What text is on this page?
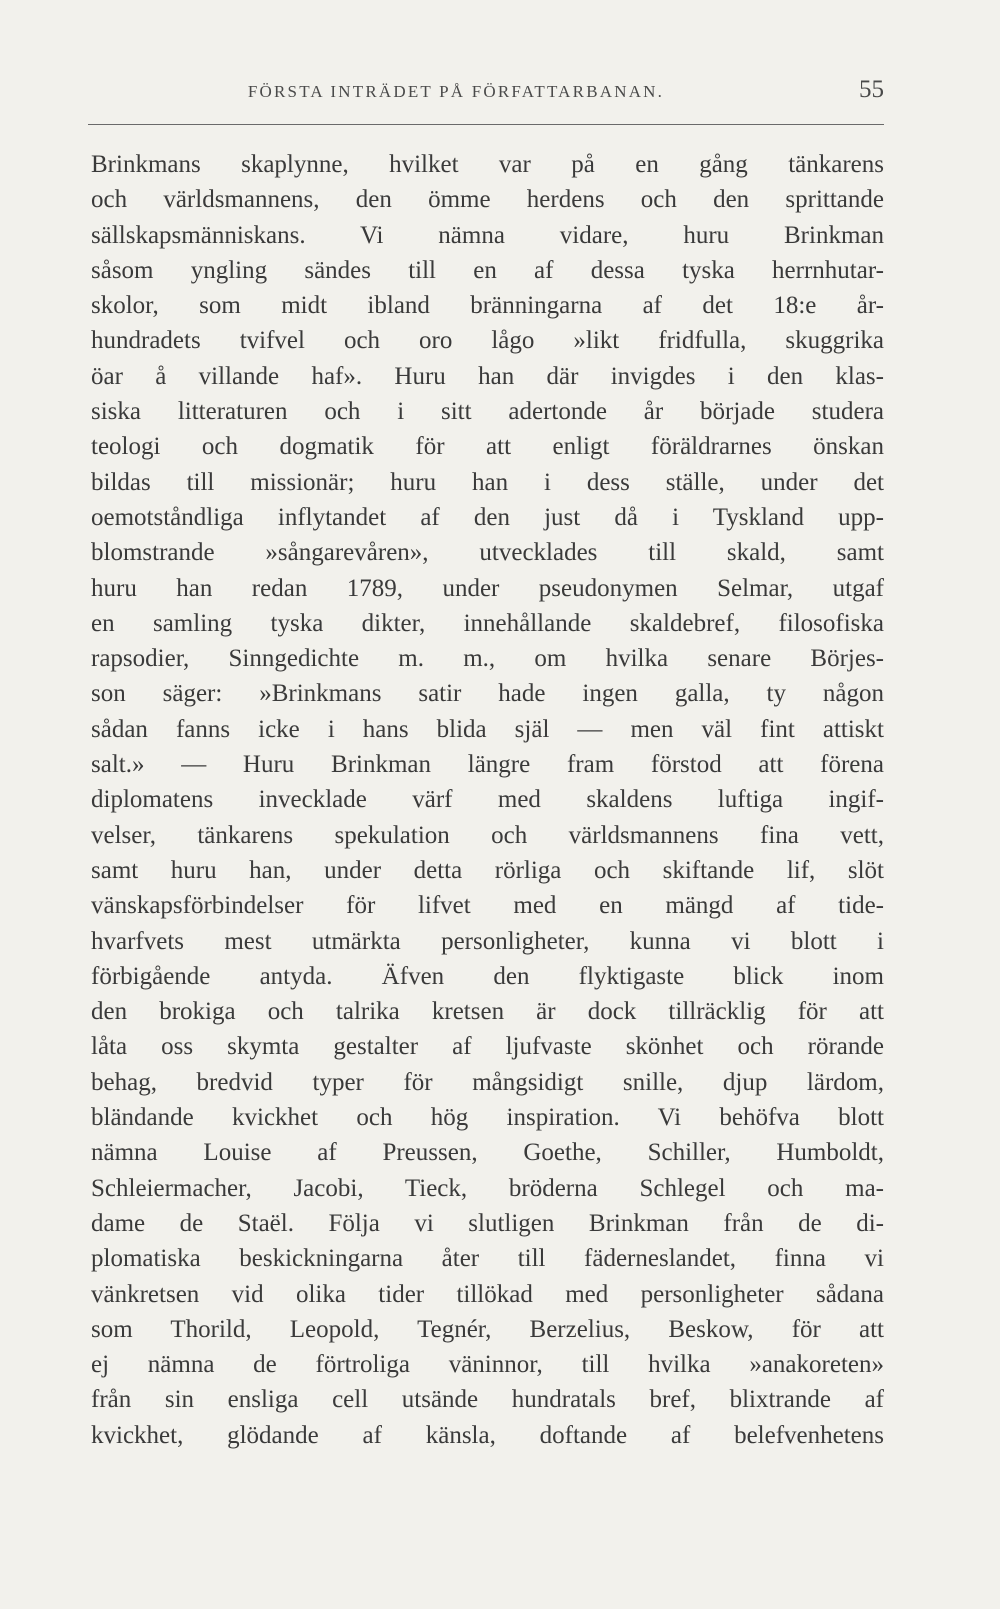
FÖRSTA INTRÄDET PÅ FÖRFATTARBANAN.	55
Brinkmans skaplynne, hvilket var på en gång tänkarens
och världsmannens, den ömme herdens och den sprittande
sällskapsmänniskans. Vi nämna vidare, huru Brinkman
såsom yngling sändes till en af dessa tyska herrnhutar-
skolor, som midt ibland bränningarna af det 18:e år-
hundradets tvifvel och oro lågo »likt fridfulla, skuggrika
öar å villande haf». Huru han där invigdes i den klas-
siska litteraturen och i sitt adertonde år började studera
teologi och dogmatik för att enligt föräldrarnes önskan
bildas till missionär; huru han i dess ställe, under det
oemotståndliga inflytandet af den just då i Tyskland upp-
blomstrande »sångarevåren», utvecklades till skald, samt
huru han redan 1789, under pseudonymen Selmar, utgaf
en samling tyska dikter, innehållande skaldebref, filosofiska
rapsodier, Sinngedichte m. m., om hvilka senare Börjes-
son säger: »Brinkmans satir hade ingen galla, ty någon
sådan fanns icke i hans blida själ — men väl fint attiskt
salt.» — Huru Brinkman längre fram förstod att förena
diplomatens invecklade värf med skaldens luftiga ingif-
velser, tänkarens spekulation och världsmannens fina vett,
samt huru han, under detta rörliga och skiftande lif, slöt
vänskapsförbindelser för lifvet med en mängd af tide-
hvarfvets mest utmärkta personligheter, kunna vi blott i
förbigående antyda. Äfven den flyktigaste blick inom
den brokiga och talrika kretsen är dock tillräcklig för att
låta oss skymta gestalter af ljufvaste skönhet och rörande
behag, bredvid typer för mångsidigt snille, djup lärdom,
bländande kvickhet och hög inspiration. Vi behöfva blott
nämna Louise af Preussen, Goethe, Schiller, Humboldt,
Schleiermacher, Jacobi, Tieck, bröderna Schlegel och ma-
dame de Staël. Följa vi slutligen Brinkman från de di-
plomatiska beskickningarna åter till fäderneslandet, finna vi
vänkretsen vid olika tider tillökad med personligheter sådana
som Thorild, Leopold, Tegnér, Berzelius, Beskow, för att
ej nämna de förtroliga väninnor, till hvilka »anakoreten»
från sin ensliga cell utsände hundratals bref, blixtrande af
kvickhet, glödande af känsla, doftande af belefvenhetens
